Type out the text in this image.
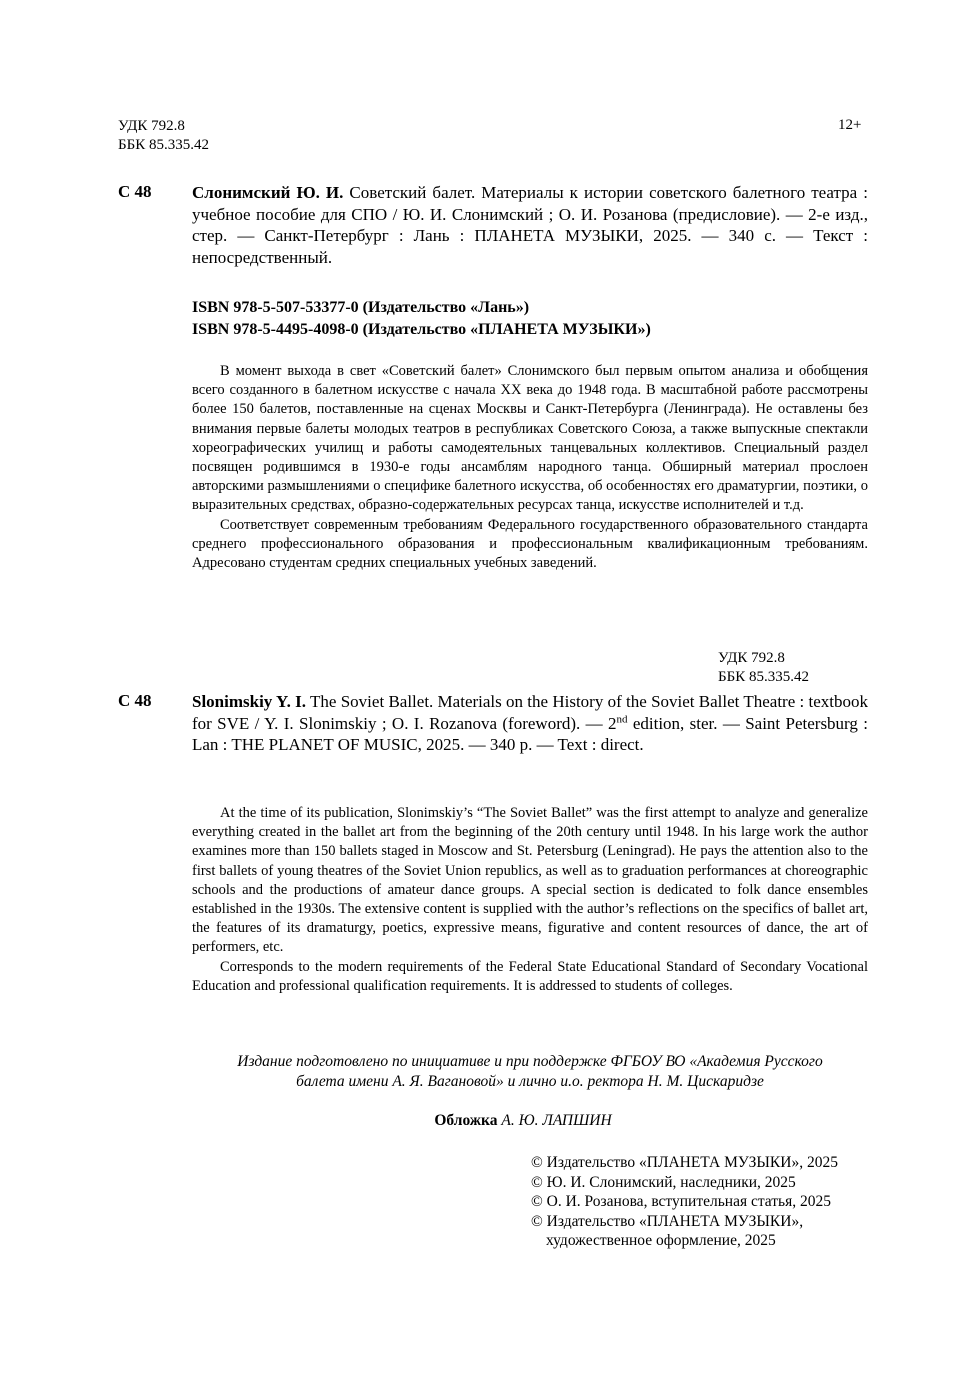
УДК 792.8
ББК 85.335.42
12+
С 48 Слонимский Ю. И. Советский балет. Материалы к истории советского балетного театра : учебное пособие для СПО / Ю. И. Слонимский ; О. И. Розанова (предисловие). — 2-е изд., стер. — Санкт-Петербург : Лань : ПЛАНЕТА МУЗЫКИ, 2025. — 340 с. — Текст : непосредственный.
ISBN 978-5-507-53377-0 (Издательство «Лань»)
ISBN 978-5-4495-4098-0 (Издательство «ПЛАНЕТА МУЗЫКИ»)

В момент выхода в свет «Советский балет» Слонимского был первым опытом анализа и обобщения всего созданного в балетном искусстве с начала XX века до 1948 года. В масштабной работе рассмотрены более 150 балетов, поставленные на сценах Москвы и Санкт-Петербурга (Ленинграда). Не оставлены без внимания первые балеты молодых театров в республиках Советского Союза, а также выпускные спектакли хореографических училищ и работы самодеятельных танцевальных коллективов. Специальный раздел посвящен родившимся в 1930-е годы ансамблям народного танца. Обширный материал прослоен авторскими размышлениями о специфике балетного искусства, об особенностях его драматургии, поэтики, о выразительных средствах, образно-содержательных ресурсах танца, искусстве исполнителей и т.д.

Соответствует современным требованиям Федерального государственного образовательного стандарта среднего профессионального образования и профессиональным квалификационным требованиям. Адресовано студентам средних специальных учебных заведений.

УДК 792.8
ББК 85.335.42
С 48 Slonimskiy Y. I. The Soviet Ballet. Materials on the History of the Soviet Ballet Theatre : textbook for SVE / Y. I. Slonimskiy ; O. I. Rozanova (foreword). — 2nd edition, ster. — Saint Petersburg : Lan : THE PLANET OF MUSIC, 2025. — 340 p. — Text : direct.

At the time of its publication, Slonimskiy’s “The Soviet Ballet” was the first attempt to analyze and generalize everything created in the ballet art from the beginning of the 20th century until 1948. In his large work the author examines more than 150 ballets staged in Moscow and St. Petersburg (Leningrad). He pays the attention also to the first ballets of young theatres of the Soviet Union republics, as well as to graduation performances at choreographic schools and the productions of amateur dance groups. A special section is dedicated to folk dance ensembles established in the 1930s. The extensive content is supplied with the author’s reflections on the specifics of ballet art, the features of its dramaturgy, poetics, expressive means, figurative and content resources of dance, the art of performers, etc.

Corresponds to the modern requirements of the Federal State Educational Standard of Secondary Vocational Education and professional qualification requirements. It is addressed to students of colleges.

Издание подготовлено по инициативе и при поддержке ФГБОУ ВО «Академия Русского
балета имени А. Я. Вагановой» и лично и.о. ректора Н. М. Цискаридзе
Обложка А. Ю. ЛАПШИН
© Издательство «ПЛАНЕТА МУЗЫКИ», 2025
© Ю. И. Слонимский, наследники, 2025
© О. И. Розанова, вступительная статья, 2025
© Издательство «ПЛАНЕТА МУЗЫКИ»,
художественное оформление, 2025
